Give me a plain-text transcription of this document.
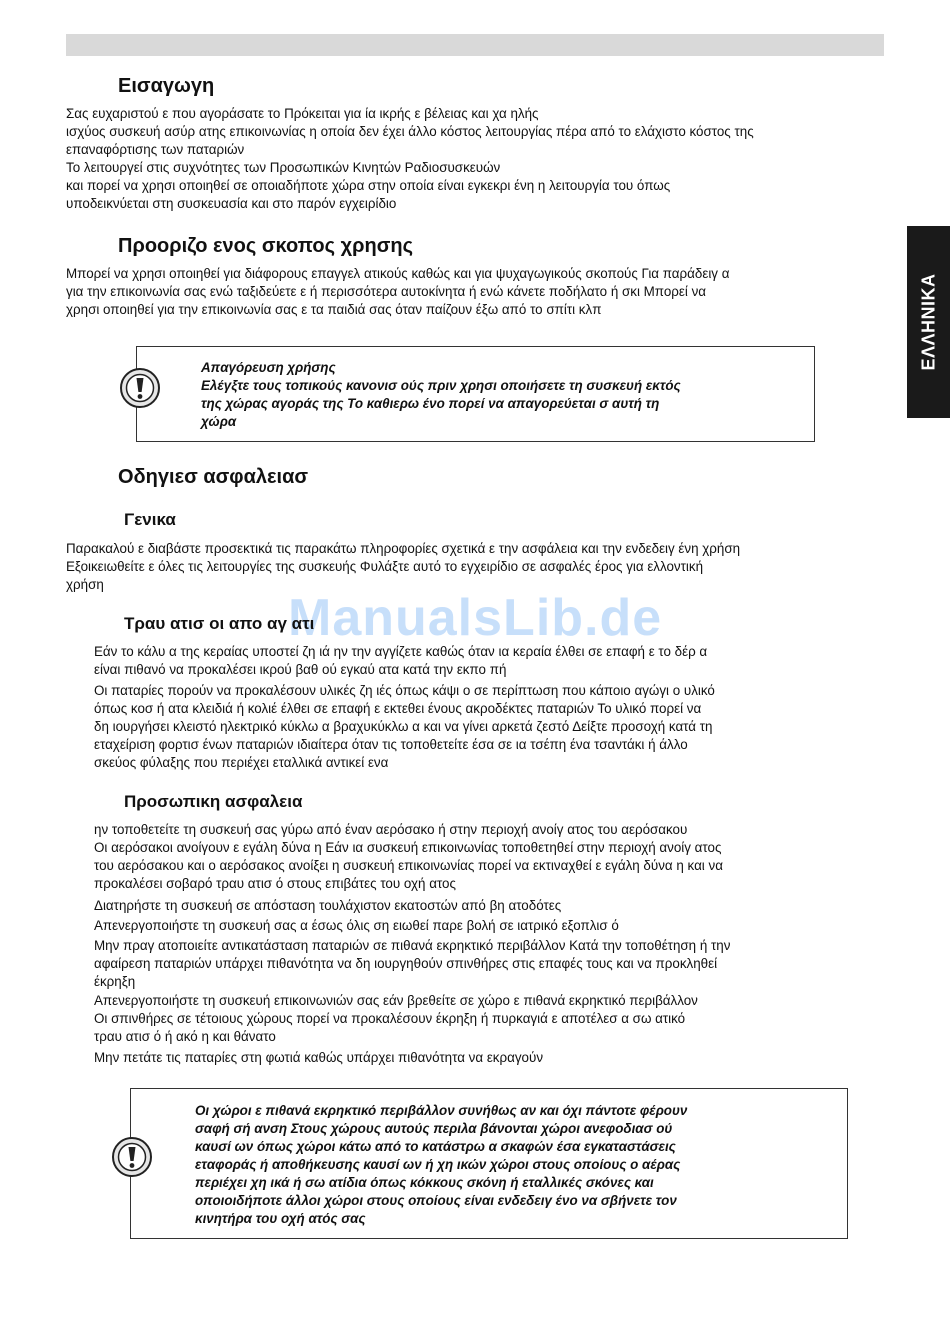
ΕΛΛΗΝΙΚΑ
ManualsLib.de
Εισαγωγη
Σας ευχαριστού ε που αγοράσατε το Πρόκειται για ία ικρής ε βέλειας και χα ηλής
ισχύος συσκευή ασύρ ατης επικοινωνίας η οποία δεν έχει άλλο κόστος λειτουργίας πέρα από το ελάχιστο κόστος της
επαναφόρτισης των παταριών
Το λειτουργεί στις συχνότητες των Προσωπικών Κινητών Ραδιοσυσκευών
και πορεί να χρησι οποιηθεί σε οποιαδήποτε χώρα στην οποία είναι εγκεκρι ένη η λειτουργία του όπως
υποδεικνύεται στη συσκευασία και στο παρόν εγχειρίδιο
Προοριζο ενος σκοπος χρησης
Μπορεί να χρησι οποιηθεί για διάφορους επαγγελ ατικούς καθώς και για ψυχαγωγικούς σκοπούς Για παράδειγ α
για την επικοινωνία σας ενώ ταξιδεύετε ε ή περισσότερα αυτοκίνητα ή ενώ κάνετε ποδήλατο ή σκι Μπορεί να
χρησι οποιηθεί για την επικοινωνία σας ε τα παιδιά σας όταν παίζουν έξω από το σπίτι κλπ
Απαγόρευση χρήσης
Ελέγξτε τους τοπικούς κανονισ ούς πριν χρησι οποιήσετε τη συσκευή εκτός
της χώρας αγοράς της Το καθιερω ένο πορεί να απαγορεύεται σ αυτή τη
χώρα
Οδηγιεσ ασφαλειασ
Γενικα
Παρακαλού ε διαβάστε προσεκτικά τις παρακάτω πληροφορίες σχετικά ε την ασφάλεια και την ενδεδειγ ένη χρήση
Εξοικειωθείτε ε όλες τις λειτουργίες της συσκευής Φυλάξτε αυτό το εγχειρίδιο σε ασφαλές έρος για ελλοντική
χρήση
Τραυ ατισ οι απο αγ ατι
Εάν το κάλυ α της κεραίας υποστεί ζη ιά ην την αγγίζετε καθώς όταν ια κεραία έλθει σε επαφή ε το δέρ α
είναι πιθανό να προκαλέσει ικρού βαθ ού εγκαύ ατα κατά την εκπο πή
Οι παταρίες πορούν να προκαλέσουν υλικές ζη ιές όπως κάψι ο σε περίπτωση που κάποιο αγώγι ο υλικό
όπως κοσ ή ατα κλειδιά ή κολιέ έλθει σε επαφή ε εκτεθει ένους ακροδέκτες παταριών Το υλικό πορεί να
δη ιουργήσει κλειστό ηλεκτρικό κύκλω α βραχυκύκλω α και να γίνει αρκετά ζεστό Δείξτε προσοχή κατά τη
εταχείριση φορτισ ένων παταριών ιδιαίτερα όταν τις τοποθετείτε έσα σε ια τσέπη ένα τσαντάκι ή άλλο
σκεύος φύλαξης που περιέχει εταλλικά αντικεί ενα
Προσωπικη ασφαλεια
ην τοποθετείτε τη συσκευή σας γύρω από έναν αερόσακο ή στην περιοχή ανοίγ ατος του αερόσακου
Οι αερόσακοι ανοίγουν ε εγάλη δύνα η Εάν ια συσκευή επικοινωνίας τοποθετηθεί στην περιοχή ανοίγ ατος
του αερόσακου και ο αερόσακος ανοίξει η συσκευή επικοινωνίας πορεί να εκτιναχθεί ε εγάλη δύνα η και να
προκαλέσει σοβαρό τραυ ατισ ό στους επιβάτες του οχή ατος
Διατηρήστε τη συσκευή σε απόσταση τουλάχιστον εκατοστών από βη ατοδότες
Απενεργοποιήστε τη συσκευή σας α έσως όλις ση ειωθεί παρε βολή σε ιατρικό εξοπλισ ό
Μην πραγ ατοποιείτε αντικατάσταση παταριών σε πιθανά εκρηκτικό περιβάλλον Κατά την τοποθέτηση ή την
αφαίρεση παταριών υπάρχει πιθανότητα να δη ιουργηθούν σπινθήρες στις επαφές τους και να προκληθεί
έκρηξη
Απενεργοποιήστε τη συσκευή επικοινωνιών σας εάν βρεθείτε σε χώρο ε πιθανά εκρηκτικό περιβάλλον
Οι σπινθήρες σε τέτοιους χώρους πορεί να προκαλέσουν έκρηξη ή πυρκαγιά ε αποτέλεσ α σω ατικό
τραυ ατισ ό ή ακό η και θάνατο
Μην πετάτε τις παταρίες στη φωτιά καθώς υπάρχει πιθανότητα να εκραγούν
Οι χώροι ε πιθανά εκρηκτικό περιβάλλον συνήθως αν και όχι πάντοτε φέρουν
σαφή σή ανση Στους χώρους αυτούς περιλα βάνονται χώροι ανεφοδιασ ού
καυσί ων όπως χώροι κάτω από το κατάστρω α σκαφών έσα εγκαταστάσεις
εταφοράς ή αποθήκευσης καυσί ων ή χη ικών χώροι στους οποίους ο αέρας
περιέχει χη ικά ή σω ατίδια όπως κόκκους σκόνη ή εταλλικές σκόνες και
οποιοιδήποτε άλλοι χώροι στους οποίους είναι ενδεδειγ ένο να σβήνετε τον
κινητήρα του οχή ατός σας
